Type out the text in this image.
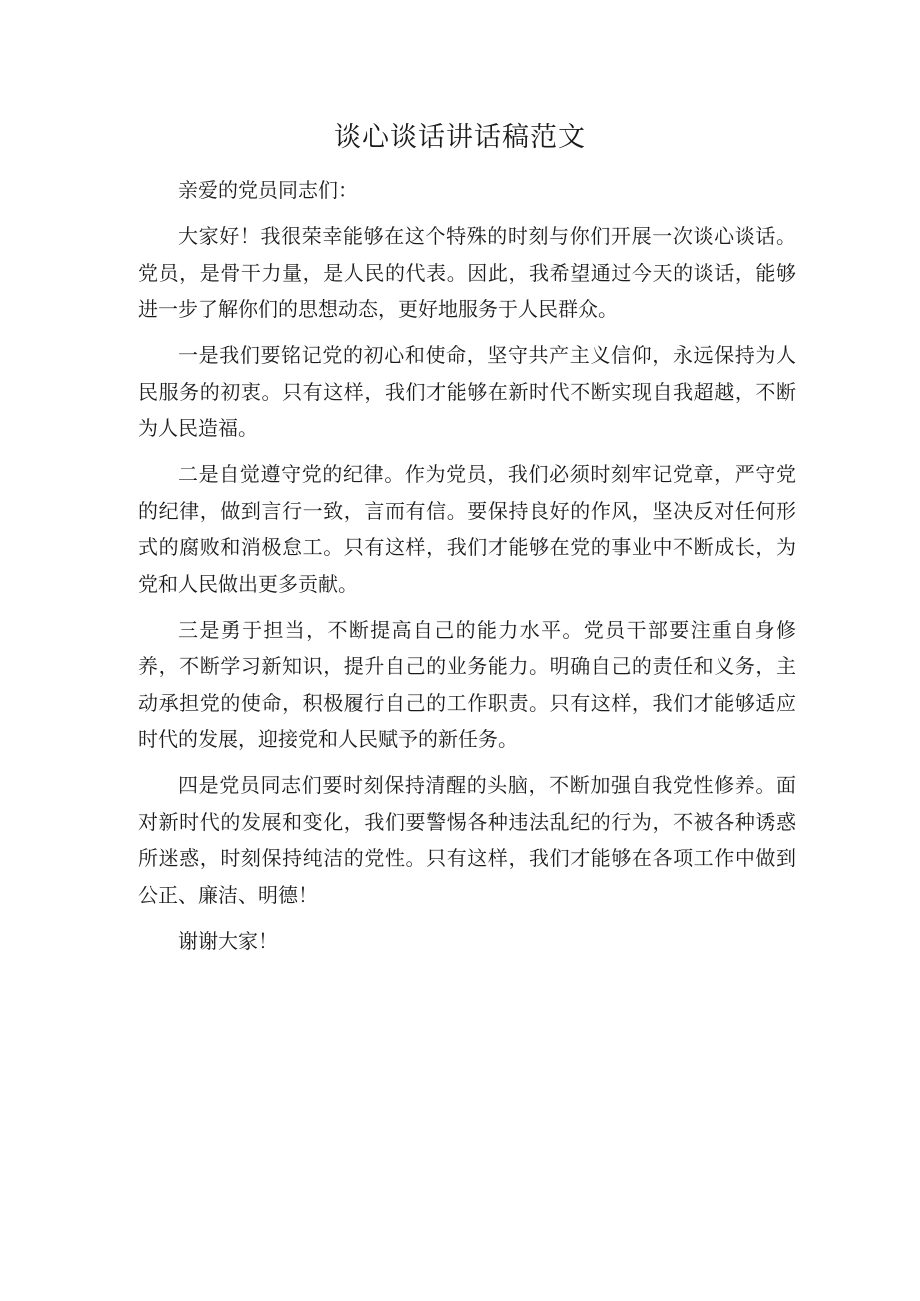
谈心谈话讲话稿范文

亲爱的党员同志们：

大家好！我很荣幸能够在这个特殊的时刻与你们开展一次谈心谈话。党员，是骨干力量，是人民的代表。因此，我希望通过今天的谈话，能够进一步了解你们的思想动态，更好地服务于人民群众。

一是我们要铭记党的初心和使命，坚守共产主义信仰，永远保持为人民服务的初衷。只有这样，我们才能够在新时代不断实现自我超越，不断为人民造福。

二是自觉遵守党的纪律。作为党员，我们必须时刻牢记党章，严守党的纪律，做到言行一致，言而有信。要保持良好的作风，坚决反对任何形式的腐败和消极怠工。只有这样，我们才能够在党的事业中不断成长，为党和人民做出更多贡献。

三是勇于担当，不断提高自己的能力水平。党员干部要注重自身修养，不断学习新知识，提升自己的业务能力。明确自己的责任和义务，主动承担党的使命，积极履行自己的工作职责。只有这样，我们才能够适应时代的发展，迎接党和人民赋予的新任务。

四是党员同志们要时刻保持清醒的头脑，不断加强自我党性修养。面对新时代的发展和变化，我们要警惕各种违法乱纪的行为，不被各种诱惑所迷惑，时刻保持纯洁的党性。只有这样，我们才能够在各项工作中做到公正、廉洁、明德！

谢谢大家！
